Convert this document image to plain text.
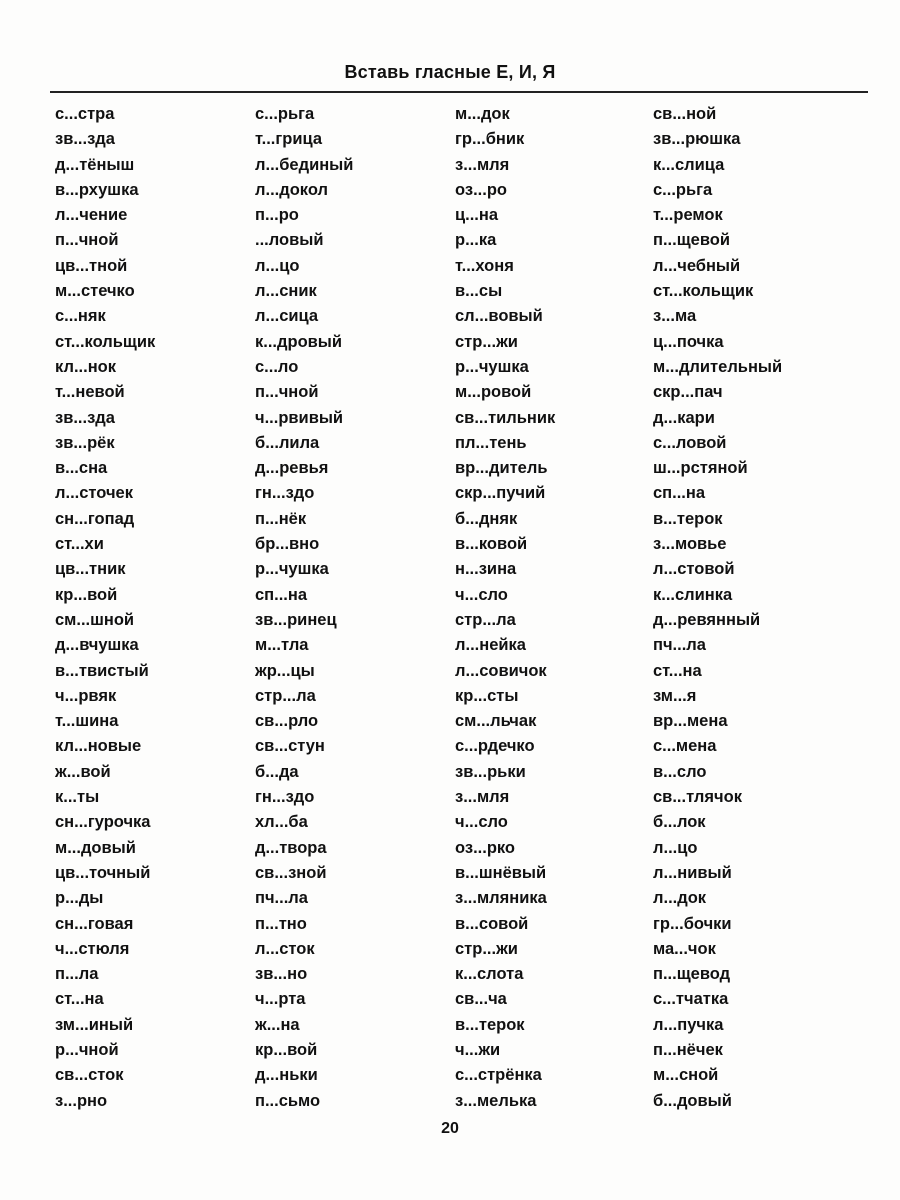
Вставь гласные Е, И, Я
с...стра
зв...зда
д...тёныш
в...рхушка
л...чение
п...чной
цв...тной
м...стечко
с...няк
ст...кольщик
кл...нок
т...невой
зв...зда
зв...рёк
в...сна
л...сточек
сн...гопад
ст...хи
цв...тник
кр...вой
см...шной
д...вчушка
в...твистый
ч...рвяк
т...шина
кл...новые
ж...вой
к...ты
сн...гурочка
м...довый
цв...точный
р...ды
сн...говая
ч...стюля
п...ла
ст...на
зм...иный
р...чной
св...сток
з...рно
с...рьга
т...грица
л...бединый
л...докол
п...ро
...ловый
л...цо
л...сник
л...сица
к...дровый
с...ло
п...чной
ч...рвивый
б...лила
д...ревья
гн...здо
п...нёк
бр...вно
р...чушка
сп...на
зв...ринец
м...тла
жр...цы
стр...ла
св...рло
св...стун
б...да
гн...здо
хл...ба
д...твора
св...зной
пч...ла
п...тно
л...сток
зв...но
ч...рта
ж...на
кр...вой
д...ньки
п...сьмо
м...док
гр...бник
з...мля
оз...ро
ц...на
р...ка
т...хоня
в...сы
сл...вовый
стр...жи
р...чушка
м...ровой
св...тильник
пл...тень
вр...дитель
скр...пучий
б...дняк
в...ковой
н...зина
ч...сло
стр...ла
л...нейка
л...совичок
кр...сты
см...льчак
с...рдечко
зв...рьки
з...мля
ч...сло
оз...рко
в...шнёвый
з...мляника
в...совой
стр...жи
к...слота
св...ча
в...терок
ч...жи
с...стрёнка
з...мелька
св...ной
зв...рюшка
к...слица
с...рьга
т...ремок
п...щевой
л...чебный
ст...кольщик
з...ма
ц...почка
м...длительный
скр...пач
д...кари
с...ловой
ш...рстяной
сп...на
в...терок
з...мовье
л...стовой
к...слинка
д...ревянный
пч...ла
ст...на
зм...я
вр...мена
с...мена
в...сло
св...тлячок
б...лок
л...цо
л...нивый
л...док
гр...бочки
ма...чок
п...щевод
с...тчатка
л...пучка
п...нёчек
м...сной
б...довый
20
